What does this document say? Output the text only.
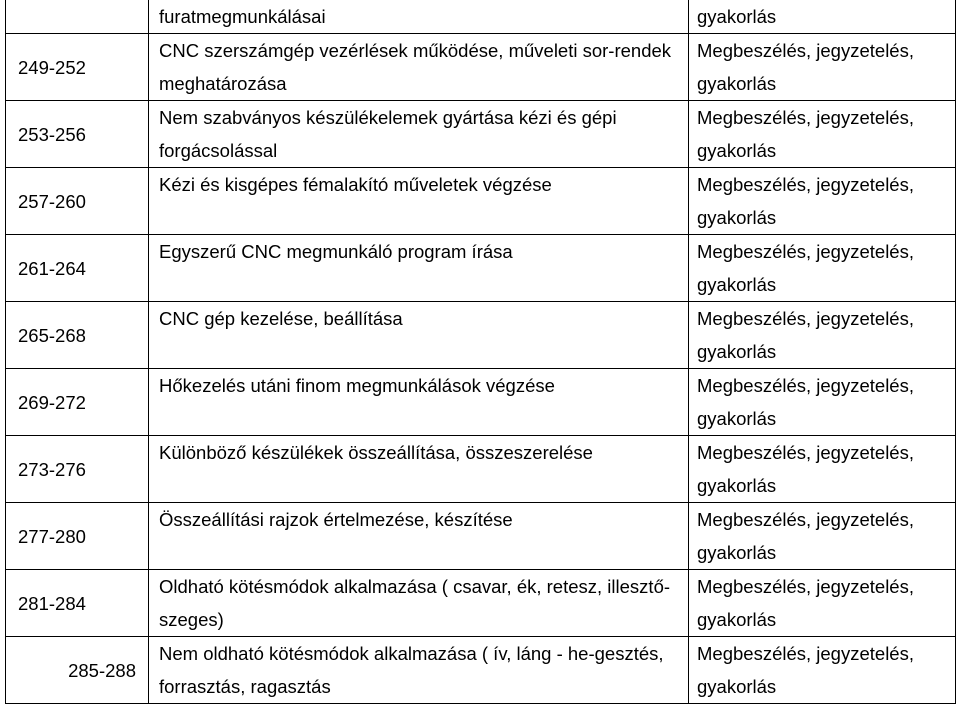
	furatmegmunkálásai	gyakorlás

249-252	CNC szerszámgép vezérlések működése, műveleti sor-rendek meghatározása	Megbeszélés, jegyzetelés,
gyakorlás

253-256	Nem szabványos készülékelemek gyártása kézi és gépi forgácsolással	Megbeszélés, jegyzetelés,
gyakorlás

257-260	Kézi és kisgépes fémalakító műveletek végzése	Megbeszélés, jegyzetelés,
gyakorlás

261-264	Egyszerű CNC megmunkáló program írása	Megbeszélés, jegyzetelés,
gyakorlás

265-268	CNC gép kezelése, beállítása	Megbeszélés, jegyzetelés,
gyakorlás

269-272	Hőkezelés utáni finom megmunkálások végzése	Megbeszélés, jegyzetelés,
gyakorlás

273-276	Különböző készülékek összeállítása, összeszerelése	Megbeszélés, jegyzetelés,
gyakorlás

277-280	Összeállítási rajzok értelmezése, készítése	Megbeszélés, jegyzetelés,
gyakorlás

281-284	Oldható kötésmódok alkalmazása ( csavar, ék, retesz, illesztő-szeges)	Megbeszélés, jegyzetelés,
gyakorlás

285-288	Nem oldható kötésmódok alkalmazása ( ív, láng - he-gesztés, forrasztás, ragasztás	Megbeszélés, jegyzetelés,
gyakorlás
